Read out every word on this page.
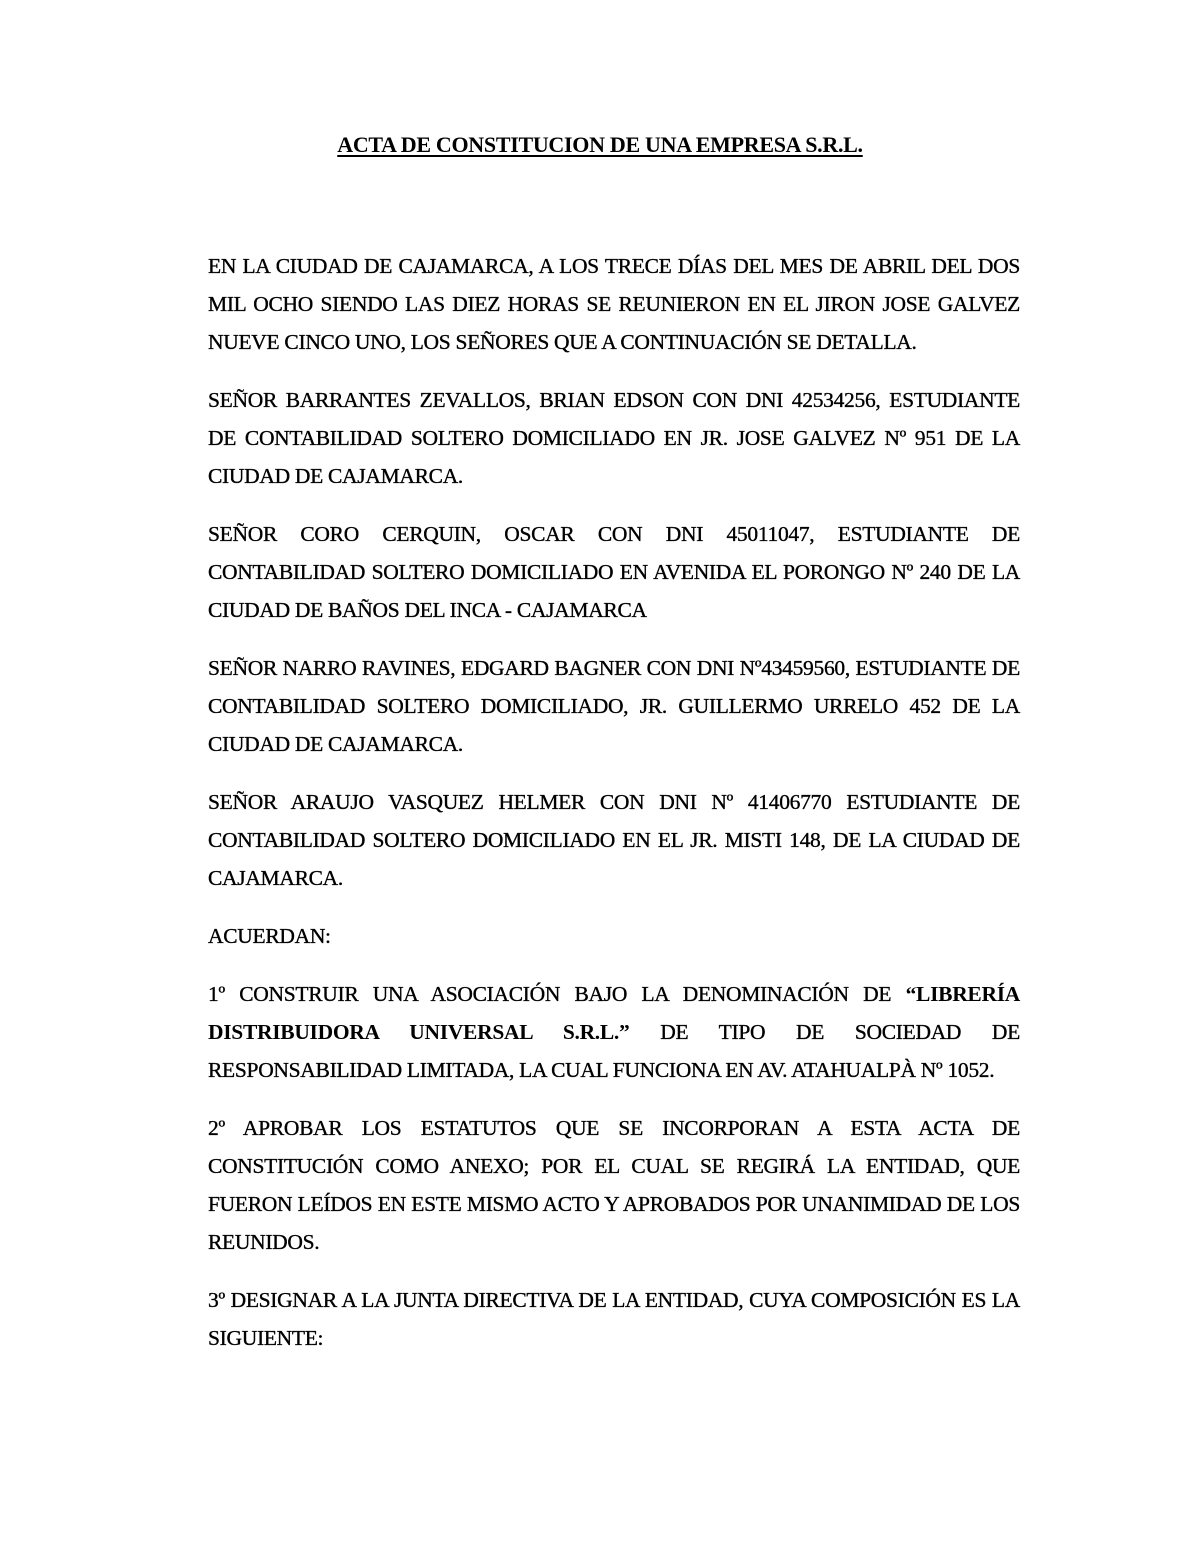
ACTA DE CONSTITUCION DE UNA EMPRESA S.R.L.

EN LA CIUDAD DE CAJAMARCA, A LOS TRECE DÍAS DEL MES DE ABRIL DEL DOS MIL OCHO SIENDO LAS DIEZ HORAS SE REUNIERON EN EL JIRON JOSE GALVEZ NUEVE CINCO UNO, LOS SEÑORES QUE A CONTINUACIÓN SE DETALLA.

SEÑOR BARRANTES ZEVALLOS, BRIAN EDSON CON DNI 42534256, ESTUDIANTE DE CONTABILIDAD SOLTERO DOMICILIADO EN JR. JOSE GALVEZ Nº 951 DE LA CIUDAD DE CAJAMARCA.

SEÑOR CORO CERQUIN, OSCAR CON DNI 45011047, ESTUDIANTE DE CONTABILIDAD SOLTERO DOMICILIADO EN AVENIDA EL PORONGO Nº 240 DE LA CIUDAD DE BAÑOS DEL INCA - CAJAMARCA

SEÑOR NARRO RAVINES, EDGARD BAGNER CON DNI Nº43459560, ESTUDIANTE DE CONTABILIDAD SOLTERO DOMICILIADO, JR. GUILLERMO URRELO 452 DE LA CIUDAD DE CAJAMARCA.

SEÑOR ARAUJO VASQUEZ HELMER CON DNI Nº 41406770 ESTUDIANTE DE CONTABILIDAD SOLTERO DOMICILIADO EN EL JR. MISTI 148, DE LA CIUDAD DE CAJAMARCA.

ACUERDAN:

1º CONSTRUIR UNA ASOCIACIÓN BAJO LA DENOMINACIÓN DE “LIBRERÍA DISTRIBUIDORA UNIVERSAL S.R.L.” DE TIPO DE SOCIEDAD DE RESPONSABILIDAD LIMITADA, LA CUAL FUNCIONA EN AV. ATAHUALPÀ Nº 1052.

2º APROBAR LOS ESTATUTOS QUE SE INCORPORAN A ESTA ACTA DE CONSTITUCIÓN COMO ANEXO; POR EL CUAL SE REGIRÁ LA ENTIDAD, QUE FUERON LEÍDOS EN ESTE MISMO ACTO Y APROBADOS POR UNANIMIDAD DE LOS REUNIDOS.

3º DESIGNAR A LA JUNTA DIRECTIVA DE LA ENTIDAD, CUYA COMPOSICIÓN ES LA SIGUIENTE:
